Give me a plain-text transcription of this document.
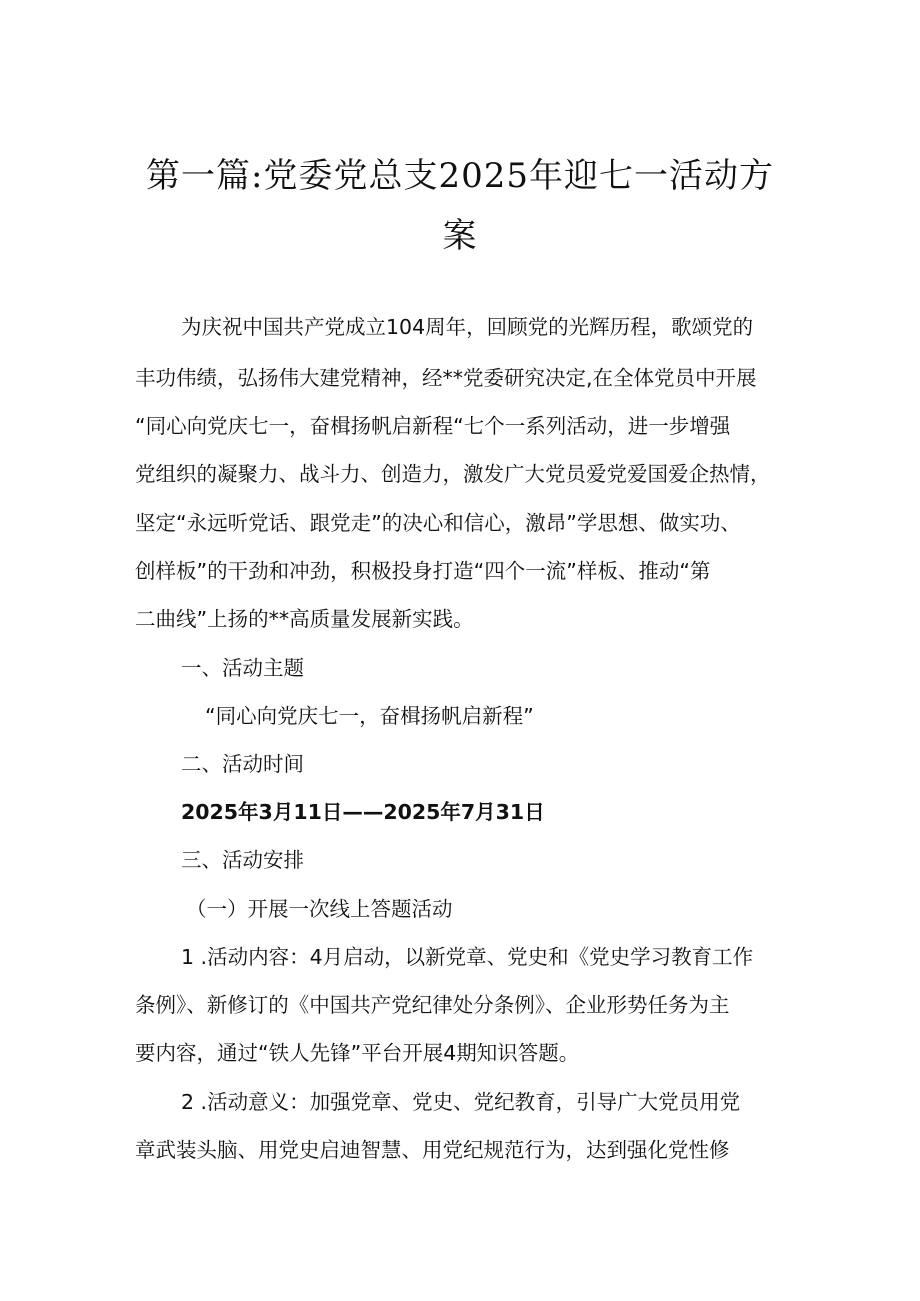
第一篇:党委党总支2025年迎七一活动方
案
为庆祝中国共产党成立104周年，回顾党的光辉历程，歌颂党的
丰功伟绩，弘扬伟大建党精神，经**党委研究决定,在全体党员中开展
“同心向党庆七一，奋楫扬帆启新程“七个一系列活动，进一步增强
党组织的凝聚力、战斗力、创造力，激发广大党员爱党爱国爱企热情，
坚定“永远听党话、跟党走”的决心和信心，激昂”学思想、做实功、
创样板”的干劲和冲劲，积极投身打造“四个一流”样板、推动“第
二曲线”上扬的**高质量发展新实践。
一、活动主题
“同心向党庆七一，奋楫扬帆启新程”
二、活动时间
2025年3月11日——2025年7月31日
三、活动安排
（一）开展一次线上答题活动
1 .活动内容：4月启动，以新党章、党史和《党史学习教育工作
条例》、新修订的《中国共产党纪律处分条例》、企业形势任务为主
要内容，通过“铁人先锋”平台开展4期知识答题。
2 .活动意义：加强党章、党史、党纪教育，引导广大党员用党
章武装头脑、用党史启迪智慧、用党纪规范行为，达到强化党性修
